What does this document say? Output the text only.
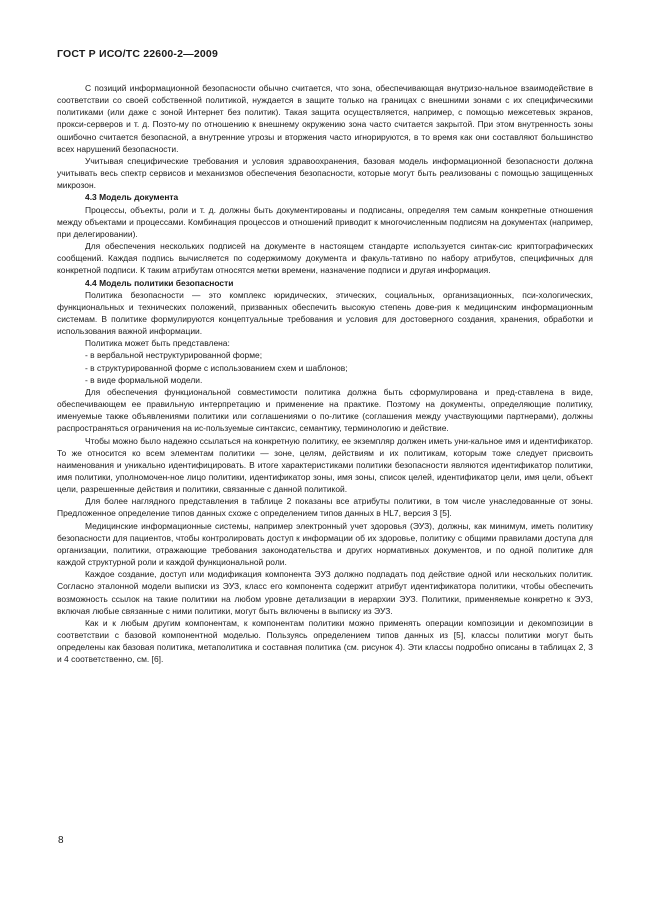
ГОСТ Р ИСО/ТС 22600-2—2009

С позиций информационной безопасности обычно считается, что зона, обеспечивающая внутризо-нальное взаимодействие в соответствии со своей собственной политикой, нуждается в защите только на границах с внешними зонами с их специфическими политиками (или даже с зоной Интернет без политик). Такая защита осуществляется, например, с помощью межсетевых экранов, прокси-серверов и т. д. Поэто-му по отношению к внешнему окружению зона часто считается закрытой. При этом внутренность зоны ошибочно считается безопасной, а внутренние угрозы и вторжения часто игнорируются, в то время как они составляют большинство всех нарушений безопасности.

Учитывая специфические требования и условия здравоохранения, базовая модель информационной безопасности должна учитывать весь спектр сервисов и механизмов обеспечения безопасности, которые могут быть реализованы с помощью защищенных микрозон.

4.3 Модель документа

Процессы, объекты, роли и т. д. должны быть документированы и подписаны, определяя тем самым конкретные отношения между объектами и процессами. Комбинация процессов и отношений приводит к многочисленным подписям на документах (например, при делегировании).

Для обеспечения нескольких подписей на документе в настоящем стандарте используется синтак-сис криптографических сообщений. Каждая подпись вычисляется по содержимому документа и факуль-тативно по набору атрибутов, специфичных для конкретной подписи. К таким атрибутам относятся метки времени, назначение подписи и другая информация.

4.4 Модель политики безопасности

Политика безопасности — это комплекс юридических, этических, социальных, организационных, пси-хологических, функциональных и технических положений, призванных обеспечить высокую степень дове-рия к медицинским информационным системам. В политике формулируются концептуальные требования и условия для достоверного создания, хранения, обработки и использования важной информации.

Политика может быть представлена:

- в вербальной неструктурированной форме;

- в структурированной форме с использованием схем и шаблонов;

- в виде формальной модели.

Для обеспечения функциональной совместимости политика должна быть сформулирована и пред-ставлена в виде, обеспечивающем ее правильную интерпретацию и применение на практике. Поэтому на документы, определяющие политику, именуемые также объявлениями политики или соглашениями о по-литике (соглашения между участвующими партнерами), должны распространяться ограничения на ис-пользуемые синтаксис, семантику, терминологию и действие.

Чтобы можно было надежно ссылаться на конкретную политику, ее экземпляр должен иметь уни-кальное имя и идентификатор. То же относится ко всем элементам политики — зоне, целям, действиям и их политикам, которым тоже следует присвоить наименования и уникально идентифицировать. В итоге характеристиками политики безопасности являются идентификатор политики, имя политики, уполномочен-ное лицо политики, идентификатор зоны, имя зоны, список целей, идентификатор цели, имя цели, объект цели, разрешенные действия и политики, связанные с данной политикой.

Для более наглядного представления в таблице 2 показаны все атрибуты политики, в том числе унаследованные от зоны. Предложенное определение типов данных схоже с определением типов данных в HL7, версия 3 [5].

Медицинские информационные системы, например электронный учет здоровья (ЭУЗ), должны, как минимум, иметь политику безопасности для пациентов, чтобы контролировать доступ к информации об их здоровье, политику с общими правилами доступа для организации, политики, отражающие требования законодательства и других нормативных документов, и по одной политике для каждой структурной роли и каждой функциональной роли.

Каждое создание, доступ или модификация компонента ЭУЗ должно подпадать под действие одной или нескольких политик. Согласно эталонной модели выписки из ЭУЗ, класс его компонента содержит атрибут идентификатора политики, чтобы обеспечить возможность ссылок на такие политики на любом уровне детализации в иерархии ЭУЗ. Политики, применяемые конкретно к ЭУЗ, включая любые связанные с ними политики, могут быть включены в выписку из ЭУЗ.

Как и к любым другим компонентам, к компонентам политики можно применять операции композиции и декомпозиции в соответствии с базовой компонентной моделью. Пользуясь определением типов данных из [5], классы политики могут быть определены как базовая политика, метаполитика и составная политика (см. рисунок 4). Эти классы подробно описаны в таблицах 2, 3 и 4 соответственно, см. [6].

8
